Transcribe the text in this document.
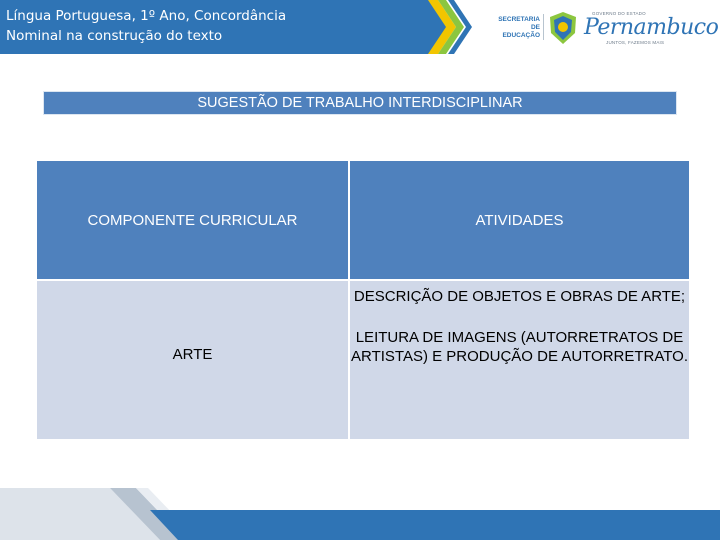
Língua Portuguesa, 1º Ano, Concordância
Nominal na construção do texto
SECRETARIA
DE EDUCAÇÃO
GOVERNO DO ESTADO
Pernambuco
JUNTOS, FAZEMOS MAIS
SUGESTÃO DE TRABALHO INTERDISCIPLINAR
COMPONENTE CURRICULAR	ATIVIDADES
ARTE
DESCRIÇÃO DE OBJETOS E OBRAS DE ARTE;
LEITURA DE IMAGENS (AUTORRETRATOS DE ARTISTAS) E PRODUÇÃO DE AUTORRETRATO.
